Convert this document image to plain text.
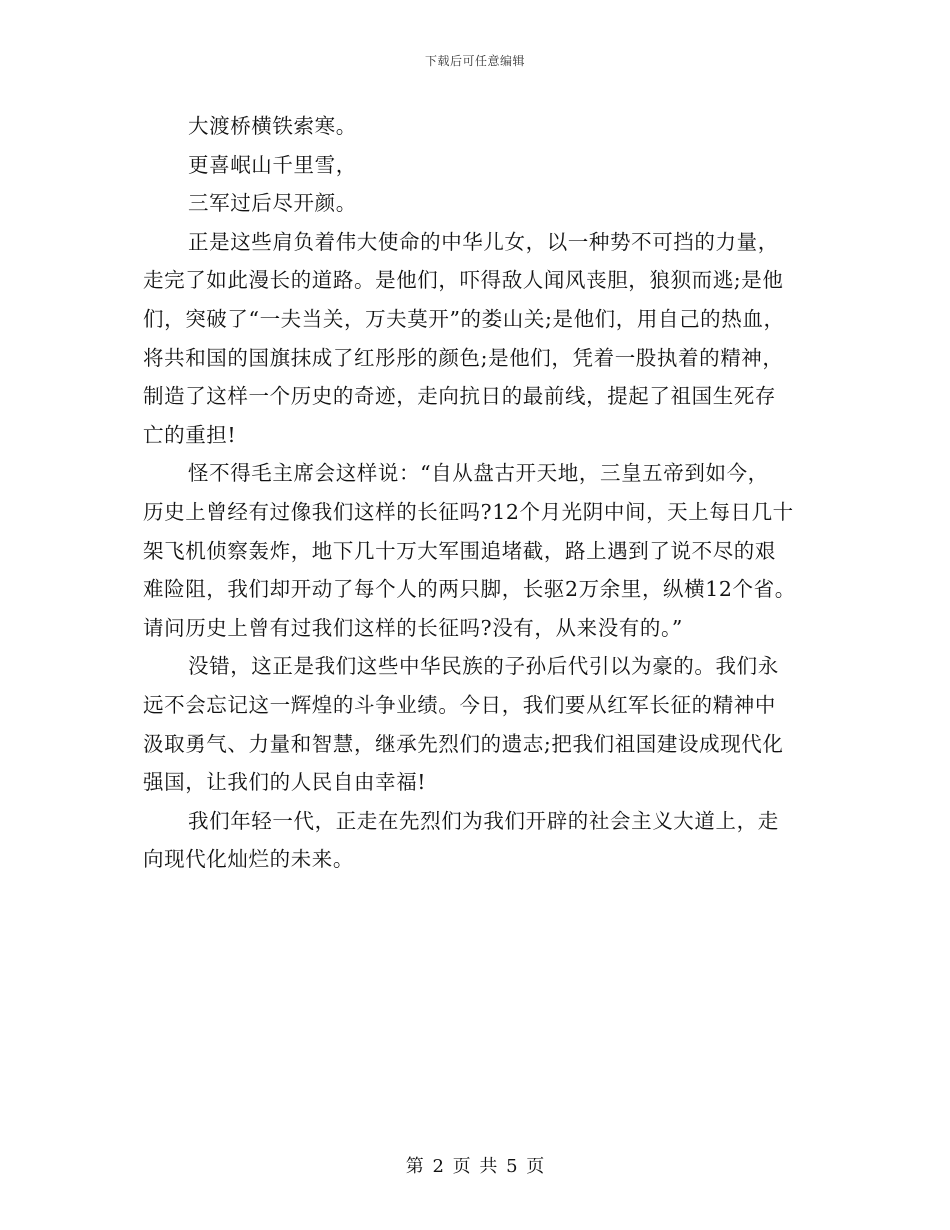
下载后可任意编辑
大渡桥横铁索寒。
更喜岷山千里雪，
三军过后尽开颜。
正是这些肩负着伟大使命的中华儿女，以一种势不可挡的力量，
走完了如此漫长的道路。是他们，吓得敌人闻风丧胆，狼狈而逃;是他
们，突破了“一夫当关，万夫莫开”的娄山关;是他们，用自己的热血，
将共和国的国旗抹成了红彤彤的颜色;是他们，凭着一股执着的精神，
制造了这样一个历史的奇迹，走向抗日的最前线，提起了祖国生死存
亡的重担!
怪不得毛主席会这样说：“自从盘古开天地，三皇五帝到如今，
历史上曾经有过像我们这样的长征吗?12个月光阴中间，天上每日几十
架飞机侦察轰炸，地下几十万大军围追堵截，路上遇到了说不尽的艰
难险阻，我们却开动了每个人的两只脚，长驱2万余里，纵横12个省。
请问历史上曾有过我们这样的长征吗?没有，从来没有的。”
没错，这正是我们这些中华民族的子孙后代引以为豪的。我们永
远不会忘记这一辉煌的斗争业绩。今日，我们要从红军长征的精神中
汲取勇气、力量和智慧，继承先烈们的遗志;把我们祖国建设成现代化
强国，让我们的人民自由幸福!
我们年轻一代，正走在先烈们为我们开辟的社会主义大道上，走
向现代化灿烂的未来。
第 2 页 共 5 页
